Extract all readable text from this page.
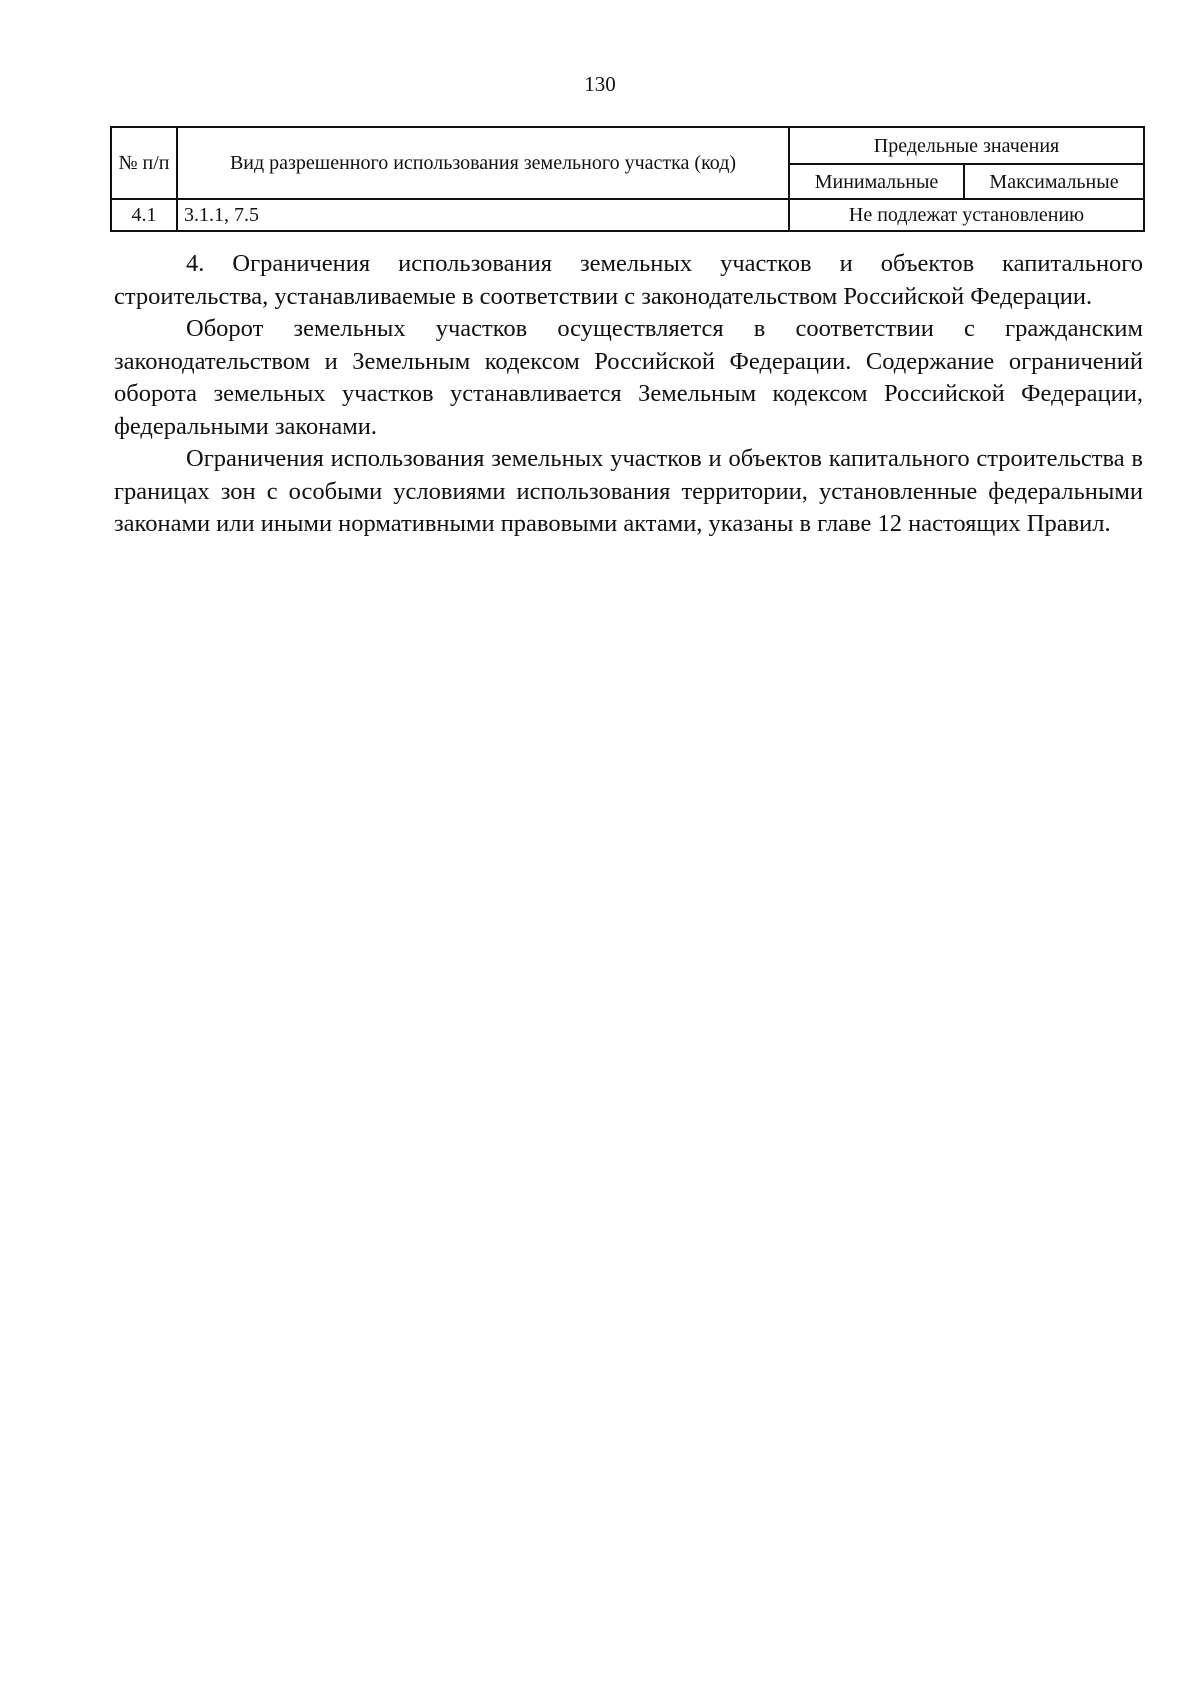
130
№ п/п	Вид разрешенного использования земельного участка (код)	Предельные значения	
		Минимальные	Максимальные
4.1	3.1.1, 7.5	Не подлежат установлению	

4. Ограничения использования земельных участков и объектов капитального строительства, устанавливаемые в соответствии с законодательством Российской Федерации.

Оборот земельных участков осуществляется в соответствии с гражданским законодательством и Земельным кодексом Российской Федерации. Содержание ограничений оборота земельных участков устанавливается Земельным кодексом Российской Федерации, федеральными законами.

Ограничения использования земельных участков и объектов капитального строительства в границах зон с особыми условиями использования территории, установленные федеральными законами или иными нормативными правовыми актами, указаны в главе 12 настоящих Правил.
